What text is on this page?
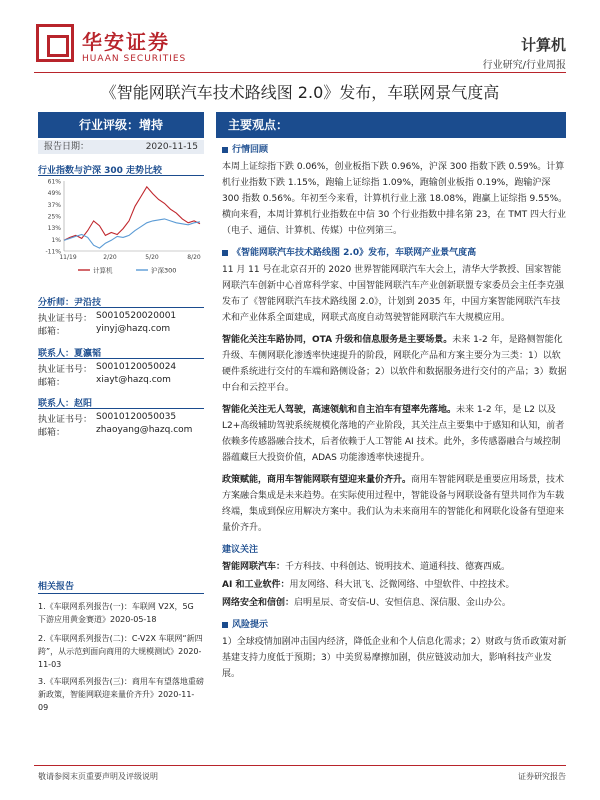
华安证券
HUAAN SECURITIES
计算机
行业研究/行业周报
《智能网联汽车技术路线图 2.0》发布，车联网景气度高
行业评级：增持	主要观点：
报告日期：	2020-11-15
行业指数与沪深 300 走势比较
61%
49%
37%
25%
13%
1%
-11%
11/19	2/20	5/20	8/20
计算机	沪深300
分析师：尹沿技
执业证书号： S0010520020001
邮箱：	yinyj@hazq.com
联系人：夏瀛韬
执业证书号： S0010120050024
邮箱：	xiayt@hazq.com
联系人：赵阳
执业证书号： S0010120050035
邮箱：	zhaoyang@hazq.com
相关报告
1.《车联网系列报告(一)：车联网 V2X，5G 下游应用黄金赛道》2020-05-18
2.《车联网系列报告(二)：C-V2X 车联网“新四跨”，从示范到面向商用的大规模测试》2020-11-03
3.《车联网系列报告(三)：商用车有望落地重磅新政策，智能网联迎来量价齐升》2020-11-09
行情回顾

本周上证综指下跌 0.06%，创业板指下跌 0.96%，沪深 300 指数下跌 0.59%。计算机行业指数下跌 1.15%，跑输上证综指 1.09%，跑输创业板指 0.19%，跑输沪深 300 指数 0.56%。年初至今来看，计算机行业上涨 18.08%，跑赢上证综指 9.55%。横向来看，本周计算机行业指数在中信 30 个行业指数中排名第 23，在 TMT 四大行业（电子、通信、计算机、传媒）中位列第三。

《智能网联汽车技术路线图 2.0》发布，车联网产业景气度高

11 月 11 号在北京召开的 2020 世界智能网联汽车大会上，清华大学教授、国家智能网联汽车创新中心首席科学家、中国智能网联汽车产业创新联盟专家委员会主任李克强发布了《智能网联汽车技术路线图 2.0》，计划到 2035 年，中国方案智能网联汽车技术和产业体系全面建成，网联式高度自动驾驶智能网联汽车大规模应用。

智能化关注车路协同，OTA 升级和信息服务是主要场景。未来 1-2 年，是路侧智能化升级、车侧网联化渗透率快速提升的阶段，网联化产品和方案主要分为三类：1）以软硬件系统进行交付的车端和路侧设备；2）以软件和数据服务进行交付的产品；3）数据中台和云控平台。

智能化关注无人驾驶，高速领航和自主泊车有望率先落地。未来 1-2 年，是 L2 以及 L2+高级辅助驾驶系统规模化落地的产业阶段，其关注点主要集中于感知和认知，前者依赖多传感器融合技术，后者依赖于人工智能 AI 技术。此外，多传感器融合与域控制器蕴藏巨大投资价值，ADAS 功能渗透率快速提升。

政策赋能，商用车智能网联有望迎来量价齐升。商用车智能网联是重要应用场景，技术方案融合集成是未来趋势。在实际使用过程中，智能设备与网联设备有望共同作为车载终端，集成到保应用解决方案中。我们认为未来商用车的智能化和网联化设备有望迎来量价齐升。

建议关注

智能网联汽车：千方科技、中科创达、锐明技术、道通科技、德赛西威。

AI 和工业软件：用友网络、科大讯飞、泛微网络、中望软件、中控技术。

网络安全和信创：启明星辰、奇安信-U、安恒信息、深信服、金山办公。

风险提示

1）全球疫情加剧冲击国内经济，降低企业和个人信息化需求；2）财政与货币政策对新基建支持力度低于预期；3）中美贸易摩擦加剧，供应链波动加大，影响科技产业发展。

敬请参阅末页重要声明及评级说明	证券研究报告
